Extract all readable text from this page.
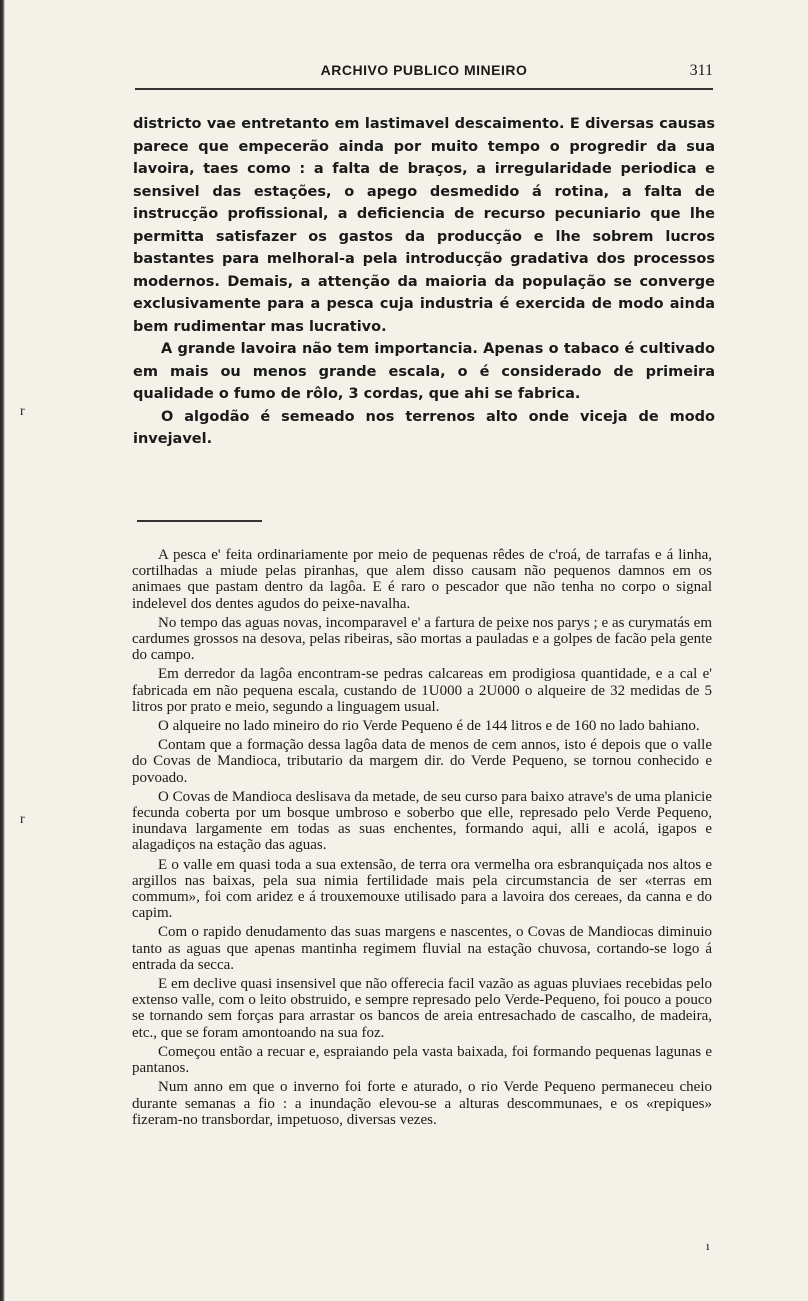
r
r
ARCHIVO PUBLICO MINEIRO	311

districto vae entretanto em lastimavel descaimento. E diversas causas parece que empecerão ainda por muito tempo o progredir da sua lavoira, taes como : a falta de braços, a irregularidade periodica e sensivel das estações, o apego desmedido á rotina, a falta de instrucção profissional, a deficiencia de recurso pecuniario que lhe permitta satisfazer os gastos da producção e lhe sobrem lucros bastantes para melhoral-a pela introducção gradativa dos processos modernos. Demais, a attenção da maioria da população se converge exclusivamente para a pesca cuja industria é exercida de modo ainda bem rudimentar mas lucrativo.

A grande lavoira não tem importancia. Apenas o tabaco é cultivado em mais ou menos grande escala, o é considerado de primeira qualidade o fumo de rôlo, 3 cordas, que ahi se fabrica.

O algodão é semeado nos terrenos alto onde viceja de modo invejavel.

A pesca e' feita ordinariamente por meio de pequenas rêdes de c'roá, de tarrafas e á linha, cortilhadas a miude pelas piranhas, que alem disso causam não pequenos damnos em os animaes que pastam dentro da lagôa. E é raro o pescador que não tenha no corpo o signal indelevel dos dentes agudos do peixe-navalha.

No tempo das aguas novas, incomparavel e' a fartura de peixe nos parys ; e as curymatás em cardumes grossos na desova, pelas ribeiras, são mortas a pauladas e a golpes de facão pela gente do campo.

Em derredor da lagôa encontram-se pedras calcareas em prodigiosa quantidade, e a cal e' fabricada em não pequena escala, custando de 1U000 a 2U000 o alqueire de 32 medidas de 5 litros por prato e meio, segundo a linguagem usual.

O alqueire no lado mineiro do rio Verde Pequeno é de 144 litros e de 160 no lado bahiano.

Contam que a formação dessa lagôa data de menos de cem annos, isto é depois que o valle do Covas de Mandioca, tributario da margem dir. do Verde Pequeno, se tornou conhecido e povoado.

O Covas de Mandioca deslisava da metade, de seu curso para baixo atrave's de uma planicie fecunda coberta por um bosque umbroso e soberbo que elle, represado pelo Verde Pequeno, inundava largamente em todas as suas enchentes, formando aqui, alli e acolá, igapos e alagadiços na estação das aguas.

E o valle em quasi toda a sua extensão, de terra ora vermelha ora esbranquiçada nos altos e argillos nas baixas, pela sua nimia fertilidade mais pela circumstancia de ser «terras em commum», foi com aridez e á trouxemouxe utilisado para a lavoira dos cereaes, da canna e do capim.

Com o rapido denudamento das suas margens e nascentes, o Covas de Mandiocas diminuio tanto as aguas que apenas mantinha regimem fluvial na estação chuvosa, cortando-se logo á entrada da secca.

E em declive quasi insensivel que não offerecia facil vazão as aguas pluviaes recebidas pelo extenso valle, com o leito obstruido, e sempre represado pelo Verde-Pequeno, foi pouco a pouco se tornando sem forças para arrastar os bancos de areia entresachado de cascalho, de madeira, etc., que se foram amontoando na sua foz.

Começou então a recuar e, espraiando pela vasta baixada, foi formando pequenas lagunas e pantanos.

Num anno em que o inverno foi forte e aturado, o rio Verde Pequeno permaneceu cheio durante semanas a fio : a inundação elevou-se a alturas descommunaes, e os «repiques» fizeram-no transbordar, impetuoso, diversas vezes.

ı
